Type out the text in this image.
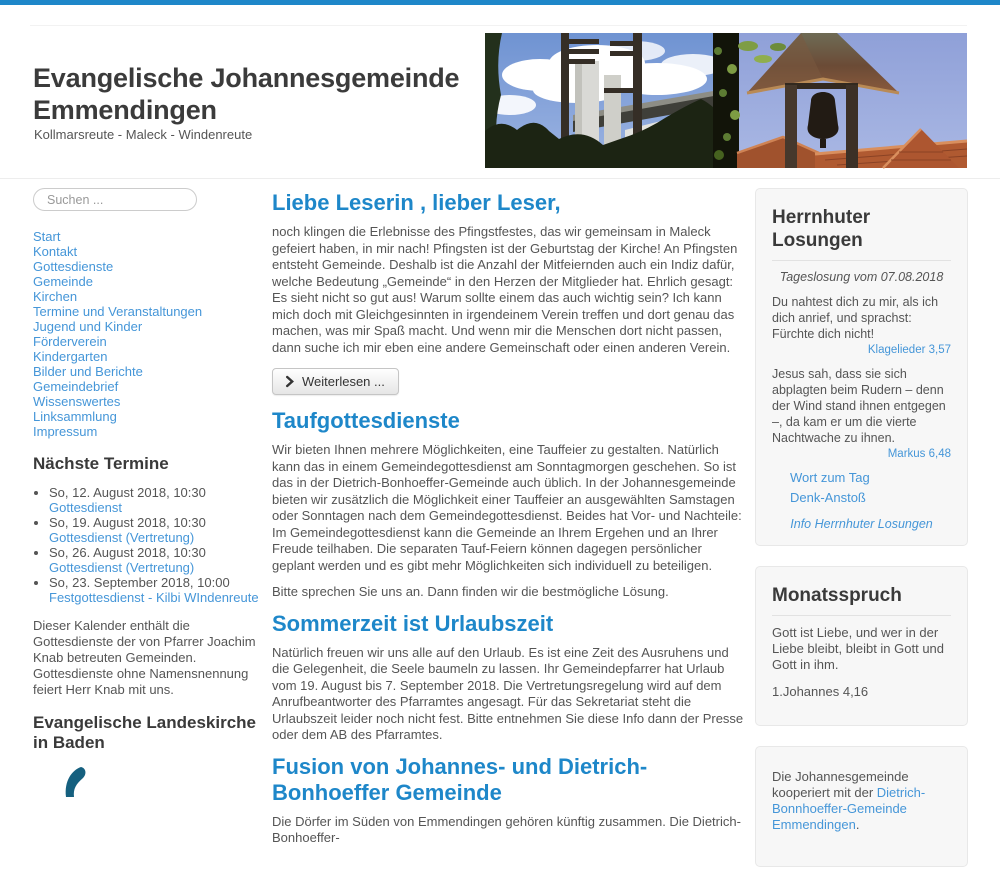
Evangelische Johannesgemeinde Emmendingen
Kollmarsreute - Maleck - Windenreute
Suchen ...
Start
Kontakt
Gottesdienste
Gemeinde
Kirchen
Termine und Veranstaltungen
Jugend und Kinder
Förderverein
Kindergarten
Bilder und Berichte
Gemeindebrief
Wissenswertes
Linksammlung
Impressum
Nächste Termine
• So, 12. August 2018, 10:30
Gottesdienst
• So, 19. August 2018, 10:30
Gottesdienst (Vertretung)
• So, 26. August 2018, 10:30
Gottesdienst (Vertretung)
• So, 23. September 2018, 10:00
Festgottesdienst - Kilbi WIndenreute

Dieser Kalender enthält die Gottesdienste der von Pfarrer Joachim Knab betreuten Gemeinden. Gottesdienste ohne Namensnennung feiert Herr Knab mit uns.

Evangelische Landeskirche in Baden
Liebe Leserin , lieber Leser,

noch klingen die Erlebnisse des Pfingstfestes, das wir gemeinsam in Maleck gefeiert haben, in mir nach! Pfingsten ist der Geburtstag der Kirche! An Pfingsten entsteht Gemeinde. Deshalb ist die Anzahl der Mitfeiernden auch ein Indiz dafür, welche Bedeutung „Gemeinde“ in den Herzen der Mitglieder hat. Ehrlich gesagt: Es sieht nicht so gut aus! Warum sollte einem das auch wichtig sein? Ich kann mich doch mit Gleichgesinnten in irgendeinem Verein treffen und dort genau das machen, was mir Spaß macht. Und wenn mir die Menschen dort nicht passen, dann suche ich mir eben eine andere Gemeinschaft oder einen anderen Verein.

Weiterlesen ...
Taufgottesdienste

Wir bieten Ihnen mehrere Möglichkeiten, eine Tauffeier zu gestalten. Natürlich kann das in einem Gemeindegottesdienst am Sonntagmorgen geschehen. So ist das in der Dietrich-Bonhoeffer-Gemeinde auch üblich. In der Johannesgemeinde bieten wir zusätzlich die Möglichkeit einer Tauffeier an ausgewählten Samstagen oder Sonntagen nach dem Gemeindegottesdienst. Beides hat Vor- und Nachteile: Im Gemeindegottesdienst kann die Gemeinde an Ihrem Ergehen und an Ihrer Freude teilhaben. Die separaten Tauf-Feiern können dagegen persönlicher geplant werden und es gibt mehr Möglichkeiten sich individuell zu beteiligen.

Bitte sprechen Sie uns an. Dann finden wir die bestmögliche Lösung.

Sommerzeit ist Urlaubszeit

Natürlich freuen wir uns alle auf den Urlaub. Es ist eine Zeit des Ausruhens und die Gelegenheit, die Seele baumeln zu lassen. Ihr Gemeindepfarrer hat Urlaub vom 19. August bis 7. September 2018. Die Vertretungsregelung wird auf dem Anrufbeantworter des Pfarramtes angesagt. Für das Sekretariat steht die Urlaubszeit leider noch nicht fest. Bitte entnehmen Sie diese Info dann der Presse oder dem AB des Pfarramtes.

Fusion von Johannes- und Dietrich-Bonhoeffer Gemeinde

Die Dörfer im Süden von Emmendingen gehören künftig zusammen. Die Dietrich-Bonhoeffer-

Herrnhuter Losungen
Tageslosung vom 07.08.2018

Du nahtest dich zu mir, als ich dich anrief, und sprachst: Fürchte dich nicht!

Klagelieder 3,57

Jesus sah, dass sie sich abplagten beim Rudern – denn der Wind stand ihnen entgegen –, da kam er um die vierte Nachtwache zu ihnen.

Markus 6,48
Wort zum Tag
Denk-Anstoß
Info Herrnhuter Losungen
Monatsspruch

Gott ist Liebe, und wer in der Liebe bleibt, bleibt in Gott und Gott in ihm.

1.Johannes 4,16

Die Johannesgemeinde kooperiert mit der Dietrich-Bonnhoeffer-Gemeinde Emmendingen.
